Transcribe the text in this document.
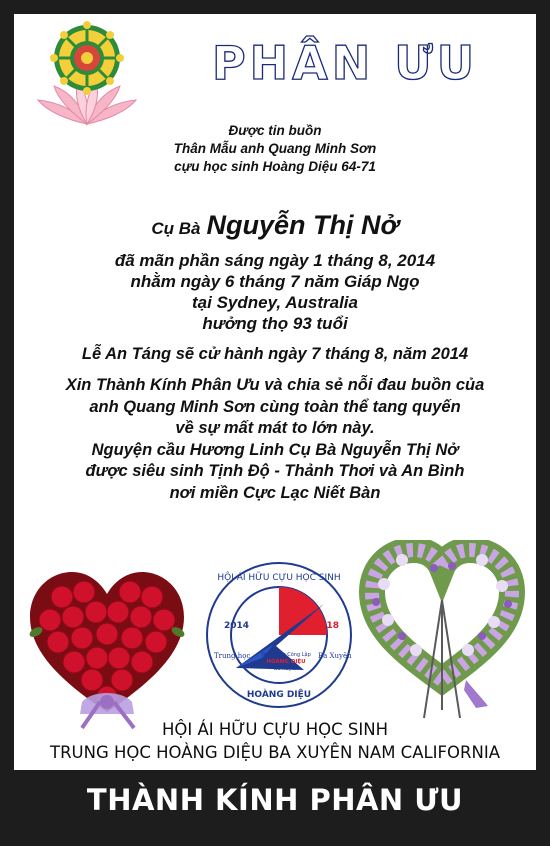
PHÂN ƯU
Được tin buồn
Thân Mẫu anh Quang Minh Sơn
cựu học sinh Hoàng Diệu 64-71
Cụ Bà Nguyễn Thị Nở
đã mãn phần sáng ngày 1 tháng 8, 2014
nhằm ngày 6 tháng 7 năm Giáp Ngọ
tại Sydney, Australia
hưởng thọ 93 tuổi
Lễ An Táng sẽ cử hành ngày 7 tháng 8, năm 2014
Xin Thành Kính Phân Ưu và chia sẻ nỗi đau buồn của
anh Quang Minh Sơn cùng toàn thể tang quyến
về sự mất mát to lớn này.
Nguyện cầu Hương Linh Cụ Bà Nguyễn Thị Nở
được siêu sinh Tịnh Độ - Thảnh Thơi và An Bình
nơi miền Cực Lạc Niết Bàn
HỘI ÁI HỮU CỰU HỌC SINH
2014	2018
Trung học	Ba Xuyên
HOÀNG DIỆU
Trung học Công Lập
HOÀNG DIỆU
Ba Xuyên
HỘI ÁI HỮU CỰU HỌC SINH
TRUNG HỌC HOÀNG DIỆU BA XUYÊN NAM CALIFORNIA
THÀNH KÍNH PHÂN ƯU
